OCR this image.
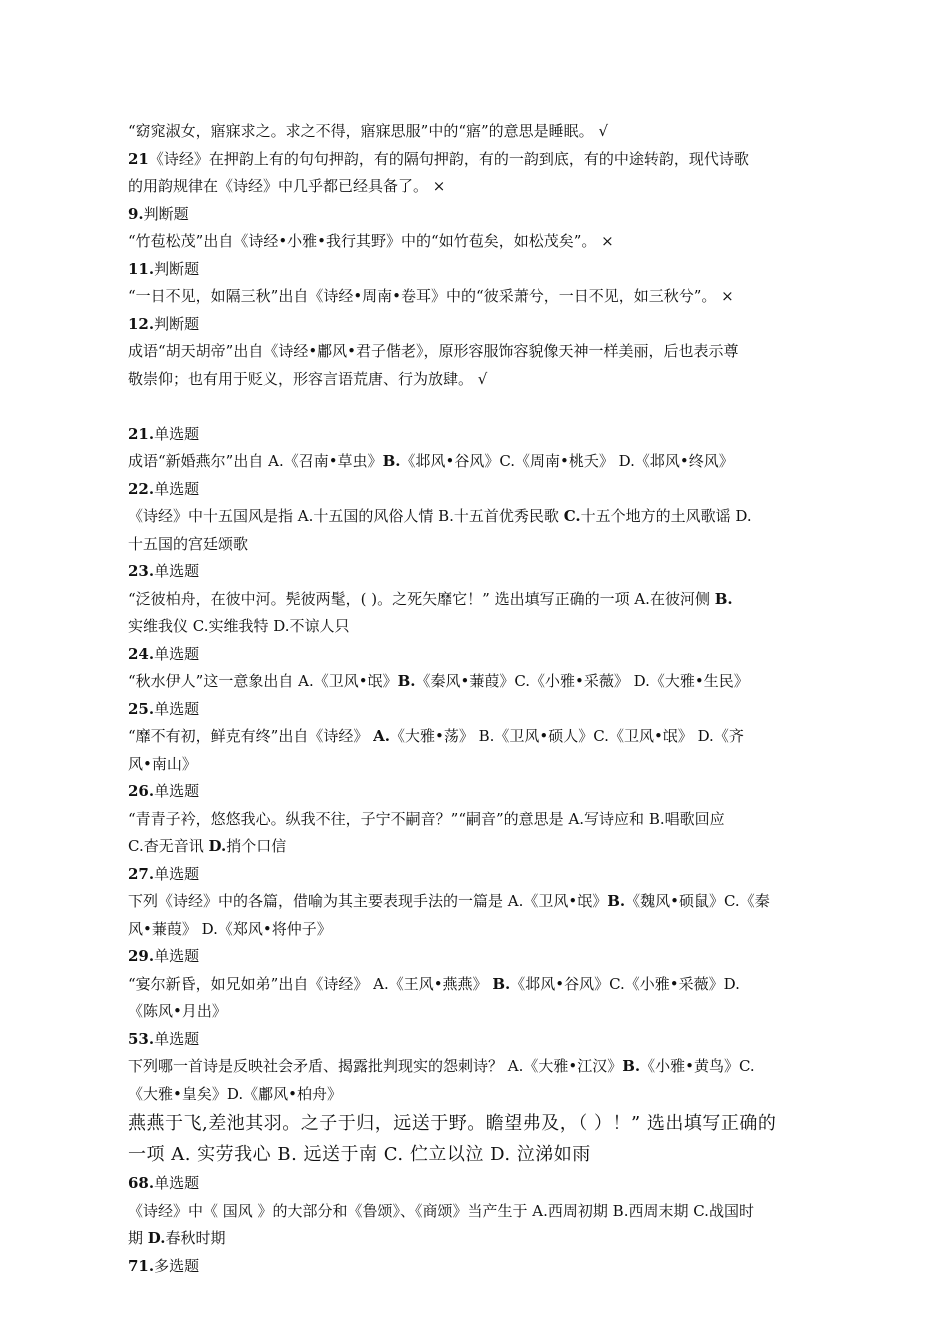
“窈窕淑女，寤寐求之。求之不得，寤寐思服”中的“寤”的意思是睡眠。 √
21《诗经》在押韵上有的句句押韵，有的隔句押韵，有的一韵到底，有的中途转韵，现代诗歌
的用韵规律在《诗经》中几乎都已经具备了。 ×
9.判断题
“竹苞松茂”出自《诗经•小雅•我行其野》中的“如竹苞矣，如松茂矣”。 ×
11.判断题
“一日不见，如隔三秋”出自《诗经•周南•卷耳》中的“彼采萧兮，一日不见，如三秋兮”。 ×
12.判断题
成语“胡天胡帝”出自《诗经•鄘风•君子偕老》，原形容服饰容貌像天神一样美丽，后也表示尊
敬崇仰；也有用于贬义，形容言语荒唐、行为放肆。 √
21.单选题
成语“新婚燕尔”出自 A.《召南•草虫》B.《邶风•谷风》C.《周南•桃夭》 D.《邶风•终风》
22.单选题
《诗经》中十五国风是指 A.十五国的风俗人情 B.十五首优秀民歌 C.十五个地方的土风歌谣 D.
十五国的宫廷颂歌
23.单选题
“泛彼柏舟，在彼中河。髡彼两髦，( )。之死矢靡它！” 选出填写正确的一项 A.在彼河侧 B.
实维我仪 C.实维我特 D.不谅人只
24.单选题
“秋水伊人”这一意象出自 A.《卫风•氓》B.《秦风•蒹葭》C.《小雅•采薇》 D.《大雅•生民》
25.单选题
“靡不有初，鲜克有终”出自《诗经》 A.《大雅•荡》 B.《卫风•硕人》C.《卫风•氓》 D.《齐
风•南山》
26.单选题
“青青子衿，悠悠我心。纵我不往，子宁不嗣音？”“嗣音”的意思是 A.写诗应和 B.唱歌回应
C.杳无音讯 D.捎个口信
27.单选题
下列《诗经》中的各篇，借喻为其主要表现手法的一篇是 A.《卫风•氓》B.《魏风•硕鼠》C.《秦
风•蒹葭》 D.《郑风•将仲子》
29.单选题
“宴尔新昏，如兄如弟”出自《诗经》 A.《王风•燕燕》 B.《邶风•谷风》C.《小雅•采薇》D.
《陈风•月出》
53.单选题
下列哪一首诗是反映社会矛盾、揭露批判现实的怨刺诗？ A.《大雅•江汉》B.《小雅•黄鸟》C.
《大雅•皇矣》D.《鄘风•柏舟》
燕燕于飞,差池其羽。之子于归，远送于野。瞻望弗及，（ ）！” 选出填写正确的
一项 A. 实劳我心 B. 远送于南 C. 伫立以泣 D. 泣涕如雨
68.单选题
《诗经》中《 国风 》的大部分和《鲁颂》、《商颂》当产生于 A.西周初期 B.西周末期 C.战国时
期 D.春秋时期
71.多选题
